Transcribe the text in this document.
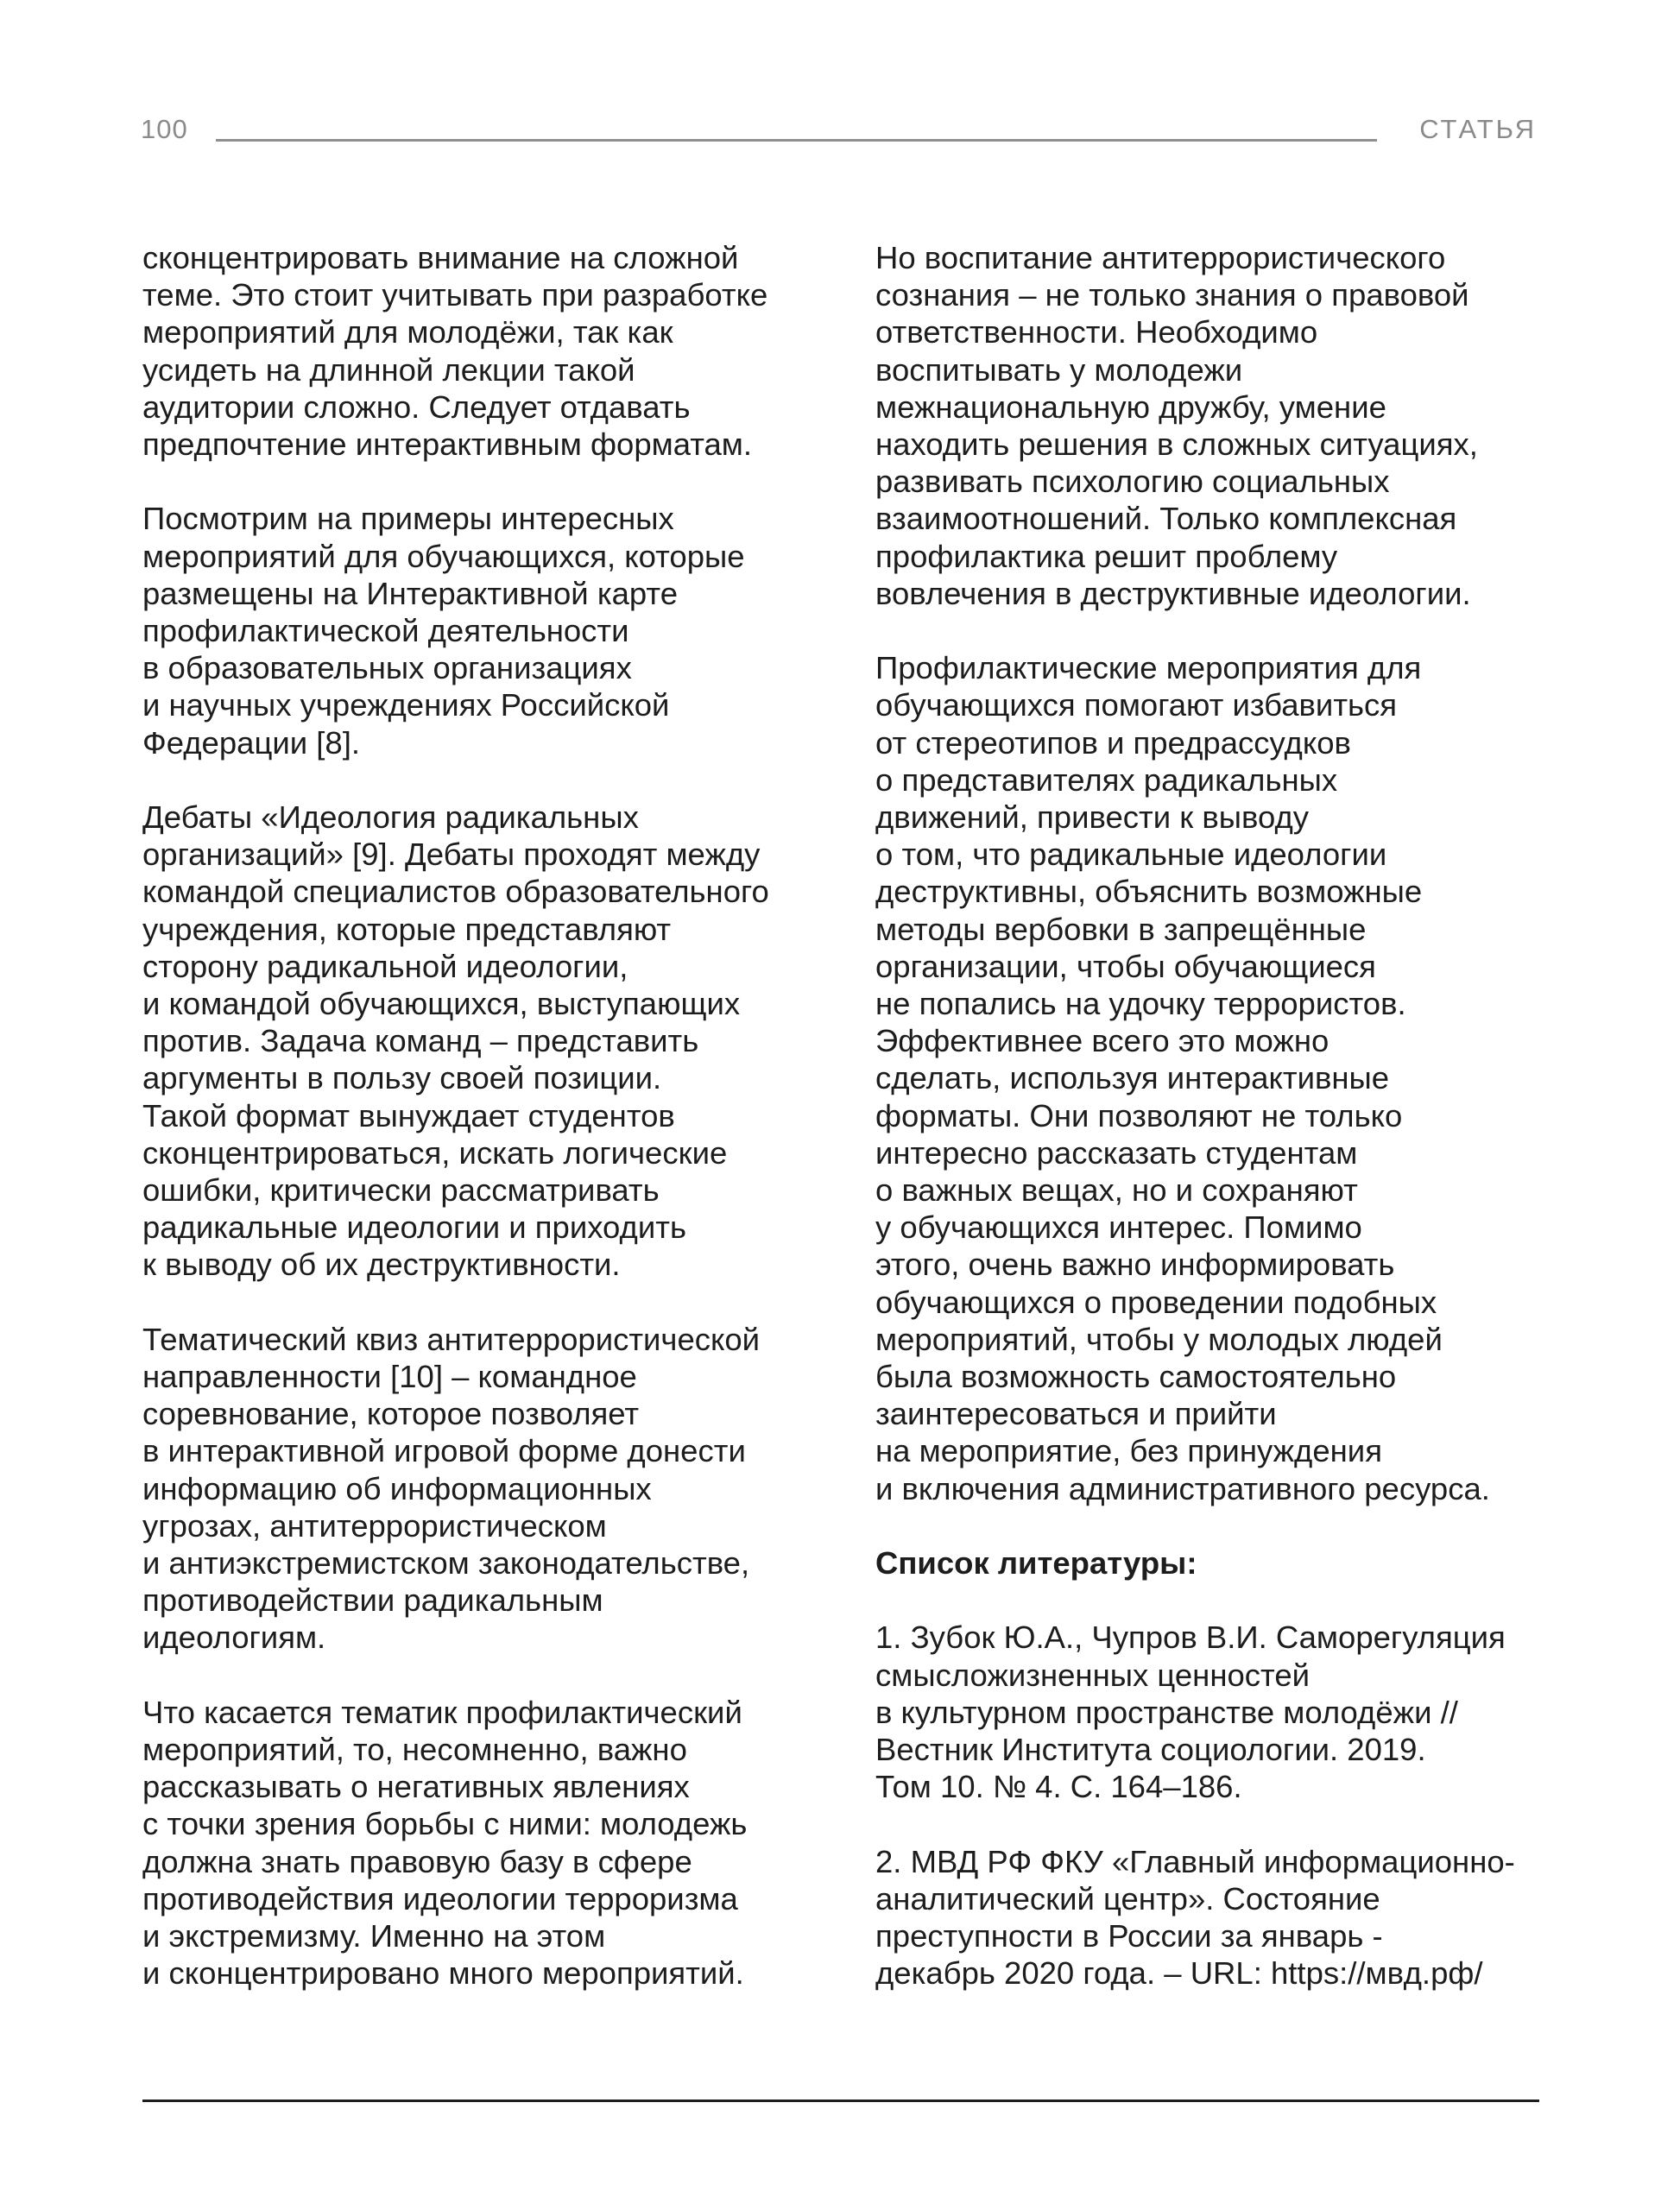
100	СТАТЬЯ

сконцентрировать внимание на сложной
теме. Это стоит учитывать при разработке
мероприятий для молодёжи, так как
усидеть на длинной лекции такой
аудитории сложно. Следует отдавать
предпочтение интерактивным форматам.

Посмотрим на примеры интересных
мероприятий для обучающихся, которые
размещены на Интерактивной карте
профилактической деятельности
в образовательных организациях
и научных учреждениях Российской
Федерации [8].

Дебаты «Идеология радикальных
организаций» [9]. Дебаты проходят между
командой специалистов образовательного
учреждения, которые представляют
сторону радикальной идеологии,
и командой обучающихся, выступающих
против. Задача команд – представить
аргументы в пользу своей позиции.
Такой формат вынуждает студентов
сконцентрироваться, искать логические
ошибки, критически рассматривать
радикальные идеологии и приходить
к выводу об их деструктивности.

Тематический квиз антитеррористической
направленности [10] – командное
соревнование, которое позволяет
в интерактивной игровой форме донести
информацию об информационных
угрозах, антитеррористическом
и антиэкстремистском законодательстве,
противодействии радикальным
идеологиям.

Что касается тематик профилактический
мероприятий, то, несомненно, важно
рассказывать о негативных явлениях
с точки зрения борьбы с ними: молодежь
должна знать правовую базу в сфере
противодействия идеологии терроризма
и экстремизму. Именно на этом
и сконцентрировано много мероприятий.

Но воспитание антитеррористического
сознания – не только знания о правовой
ответственности. Необходимо
воспитывать у молодежи
межнациональную дружбу, умение
находить решения в сложных ситуациях,
развивать психологию социальных
взаимоотношений. Только комплексная
профилактика решит проблему
вовлечения в деструктивные идеологии.

Профилактические мероприятия для
обучающихся помогают избавиться
от стереотипов и предрассудков
о представителях радикальных
движений, привести к выводу
о том, что радикальные идеологии
деструктивны, объяснить возможные
методы вербовки в запрещённые
организации, чтобы обучающиеся
не попались на удочку террористов.
Эффективнее всего это можно
сделать, используя интерактивные
форматы. Они позволяют не только
интересно рассказать студентам
о важных вещах, но и сохраняют
у обучающихся интерес. Помимо
этого, очень важно информировать
обучающихся о проведении подобных
мероприятий, чтобы у молодых людей
была возможность самостоятельно
заинтересоваться и прийти
на мероприятие, без принуждения
и включения административного ресурса.

Список литературы:

1. Зубок Ю.А., Чупров В.И. Саморегуляция
смысложизненных ценностей
в культурном пространстве молодёжи //
Вестник Института социологии. 2019.
Том 10. № 4. С. 164–186.

2. МВД РФ ФКУ «Главный информационно-
аналитический центр». Состояние
преступности в России за январь -
декабрь 2020 года. – URL: https://мвд.рф/
